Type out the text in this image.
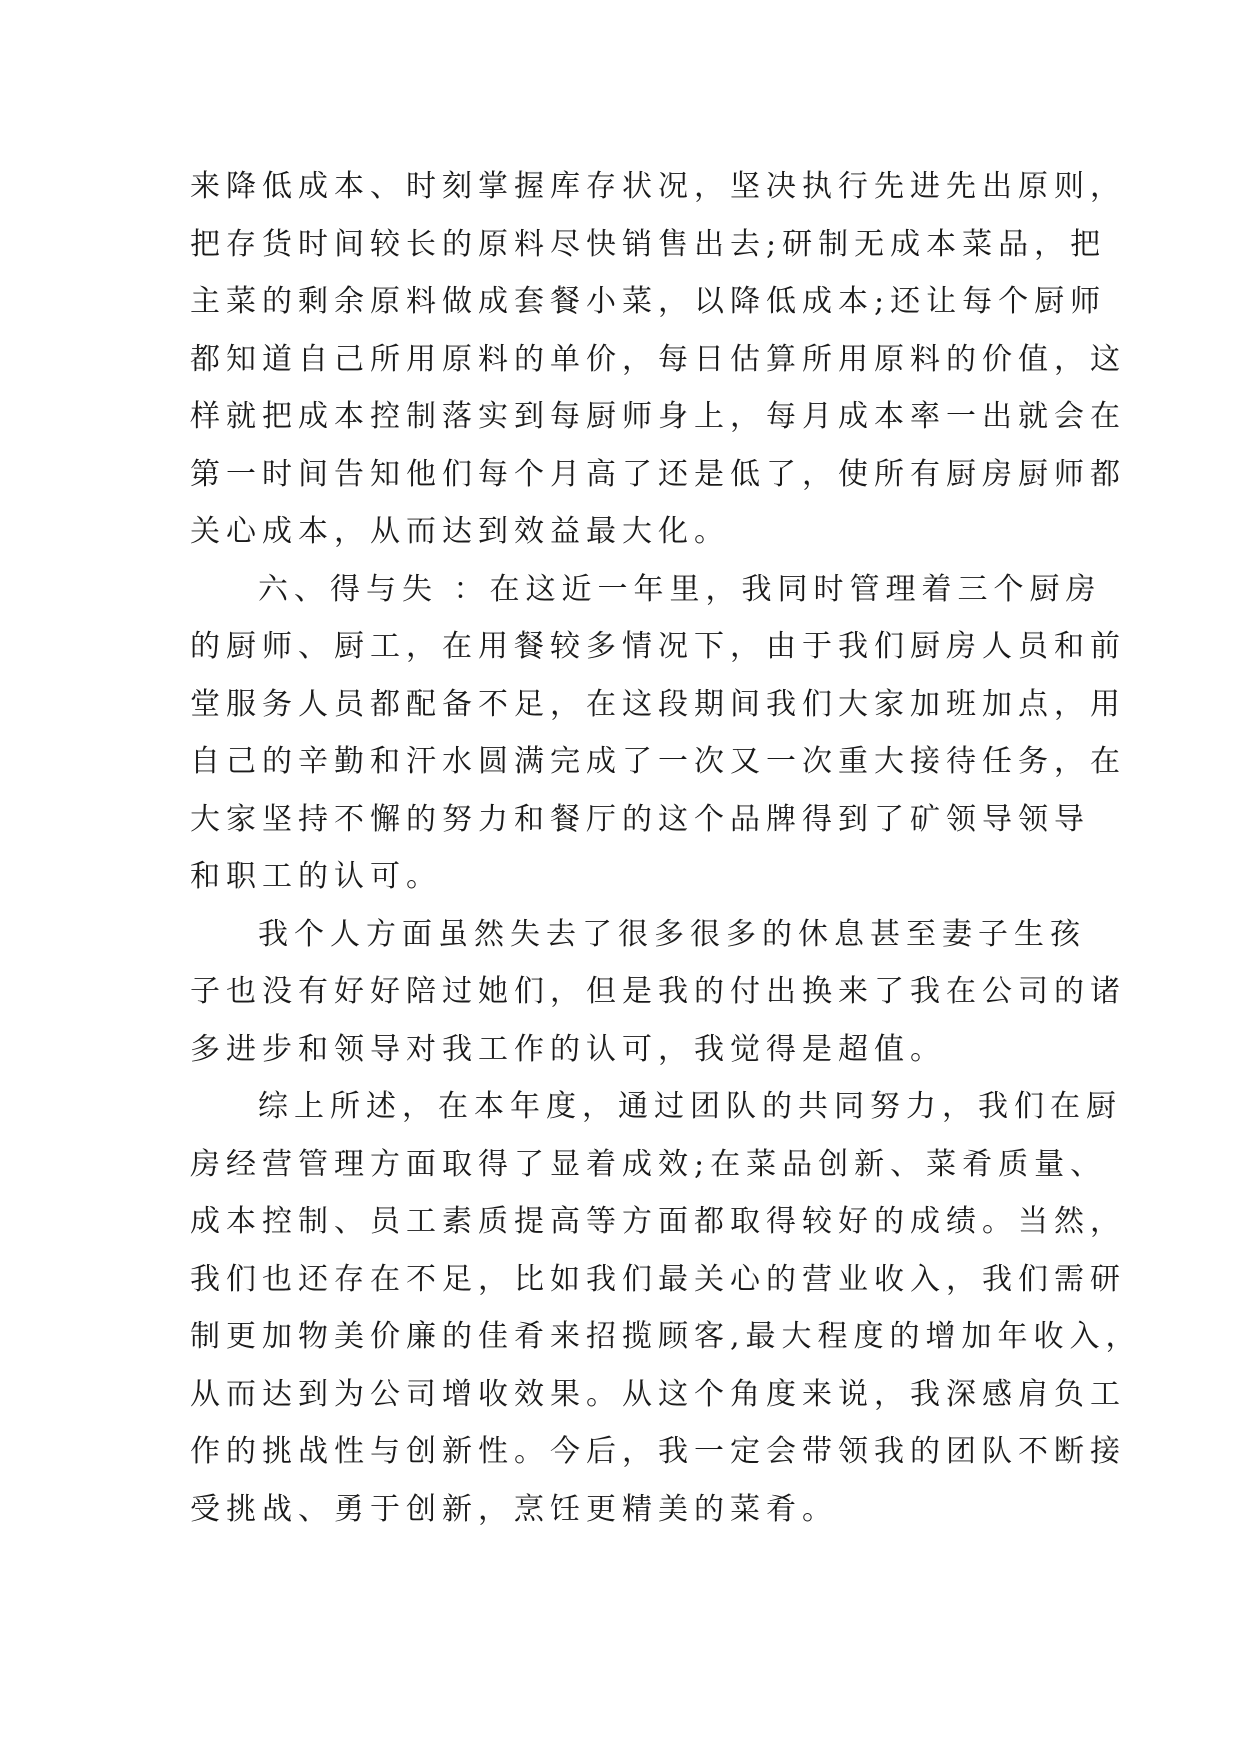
来降低成本、时刻掌握库存状况，坚决执行先进先出原则，
把存货时间较长的原料尽快销售出去;研制无成本菜品，把
主菜的剩余原料做成套餐小菜，以降低成本;还让每个厨师
都知道自己所用原料的单价，每日估算所用原料的价值，这
样就把成本控制落实到每厨师身上，每月成本率一出就会在
第一时间告知他们每个月高了还是低了，使所有厨房厨师都
关心成本，从而达到效益最大化。
六、得与失 ：在这近一年里，我同时管理着三个厨房
的厨师、厨工，在用餐较多情况下，由于我们厨房人员和前
堂服务人员都配备不足，在这段期间我们大家加班加点，用
自己的辛勤和汗水圆满完成了一次又一次重大接待任务，在
大家坚持不懈的努力和餐厅的这个品牌得到了矿领导领导
和职工的认可。
我个人方面虽然失去了很多很多的休息甚至妻子生孩
子也没有好好陪过她们，但是我的付出换来了我在公司的诸
多进步和领导对我工作的认可，我觉得是超值。
综上所述，在本年度，通过团队的共同努力，我们在厨
房经营管理方面取得了显着成效;在菜品创新、菜肴质量、
成本控制、员工素质提高等方面都取得较好的成绩。当然，
我们也还存在不足，比如我们最关心的营业收入，我们需研
制更加物美价廉的佳肴来招揽顾客,最大程度的增加年收入，
从而达到为公司增收效果。从这个角度来说，我深感肩负工
作的挑战性与创新性。今后，我一定会带领我的团队不断接
受挑战、勇于创新，烹饪更精美的菜肴。
